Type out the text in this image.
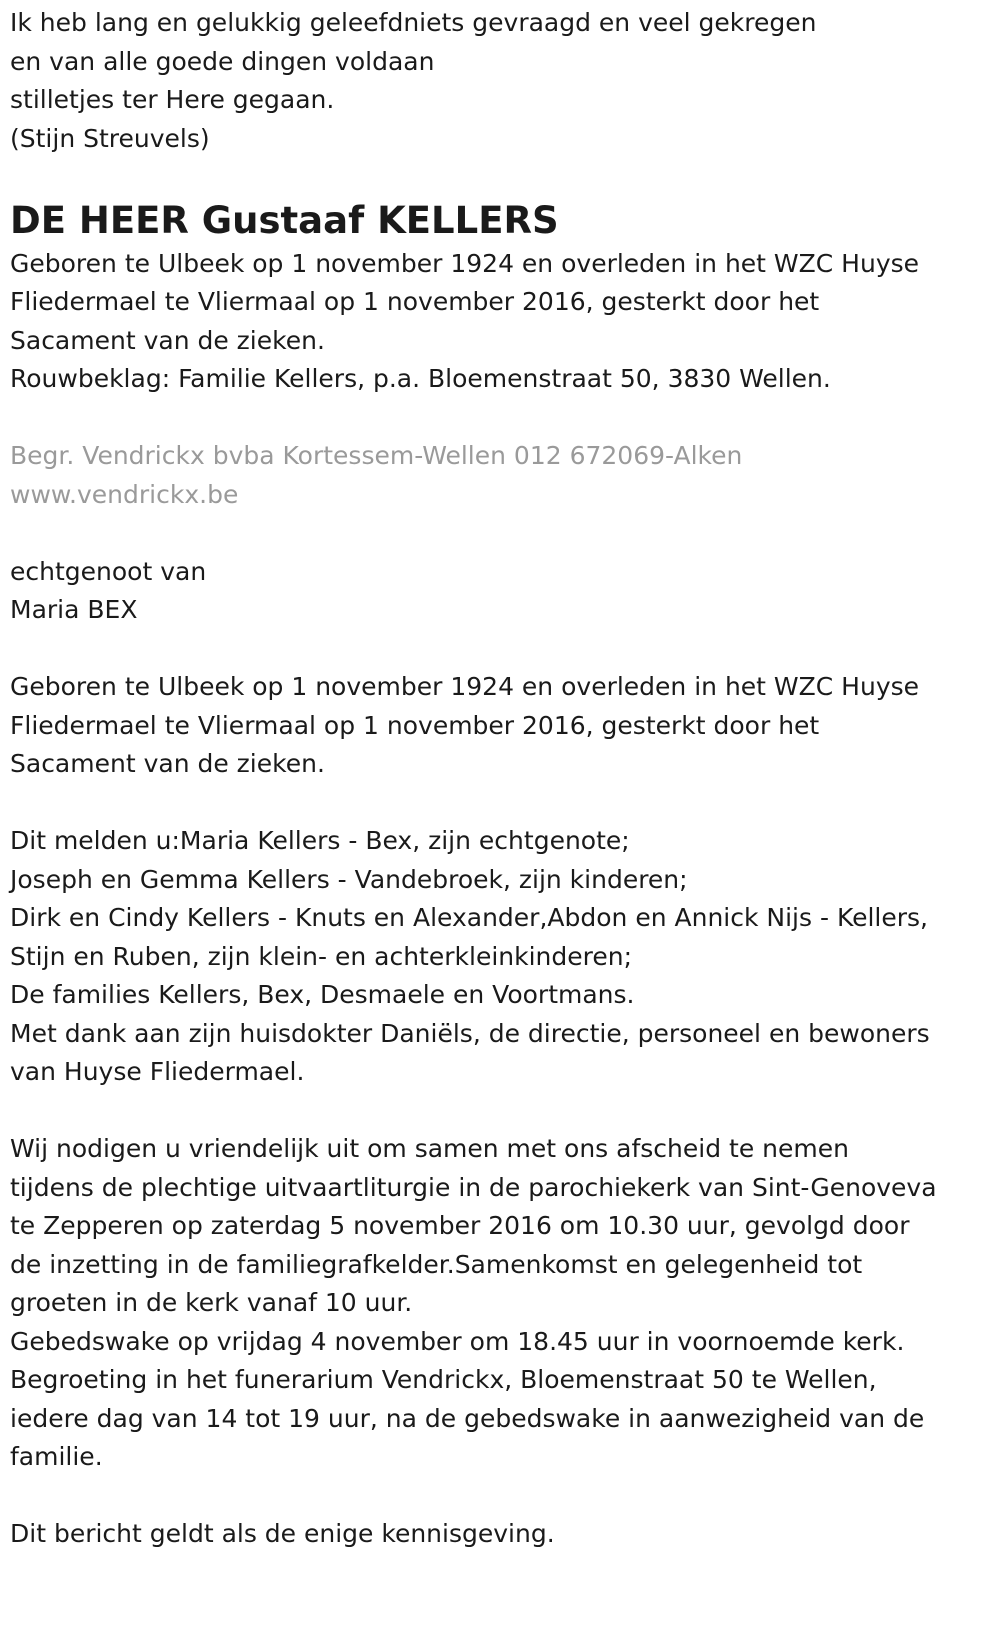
Ik heb lang en gelukkig geleefdniets gevraagd en veel gekregen
en van alle goede dingen voldaan
stilletjes ter Here gegaan.
(Stijn Streuvels)
DE HEER Gustaaf KELLERS
Geboren te Ulbeek op 1 november 1924 en overleden in het WZC Huyse
Fliedermael te Vliermaal op 1 november 2016, gesterkt door het
Sacament van de zieken.
Rouwbeklag: Familie Kellers, p.a. Bloemenstraat 50, 3830 Wellen.
Begr. Vendrickx bvba Kortessem-Wellen 012 672069-Alken
www.vendrickx.be
echtgenoot van
Maria BEX
Geboren te Ulbeek op 1 november 1924 en overleden in het WZC Huyse
Fliedermael te Vliermaal op 1 november 2016, gesterkt door het
Sacament van de zieken.
Dit melden u:Maria Kellers - Bex, zijn echtgenote;
Joseph en Gemma Kellers - Vandebroek, zijn kinderen;
Dirk en Cindy Kellers - Knuts en Alexander,Abdon en Annick Nijs - Kellers,
Stijn en Ruben, zijn klein- en achterkleinkinderen;
De families Kellers, Bex, Desmaele en Voortmans.
Met dank aan zijn huisdokter Daniëls, de directie, personeel en bewoners
van Huyse Fliedermael.
Wij nodigen u vriendelijk uit om samen met ons afscheid te nemen
tijdens de plechtige uitvaartliturgie in de parochiekerk van Sint-Genoveva
te Zepperen op zaterdag 5 november 2016 om 10.30 uur, gevolgd door
de inzetting in de familiegrafkelder.Samenkomst en gelegenheid tot
groeten in de kerk vanaf 10 uur.
Gebedswake op vrijdag 4 november om 18.45 uur in voornoemde kerk.
Begroeting in het funerarium Vendrickx, Bloemenstraat 50 te Wellen,
iedere dag van 14 tot 19 uur, na de gebedswake in aanwezigheid van de
familie.
Dit bericht geldt als de enige kennisgeving.
